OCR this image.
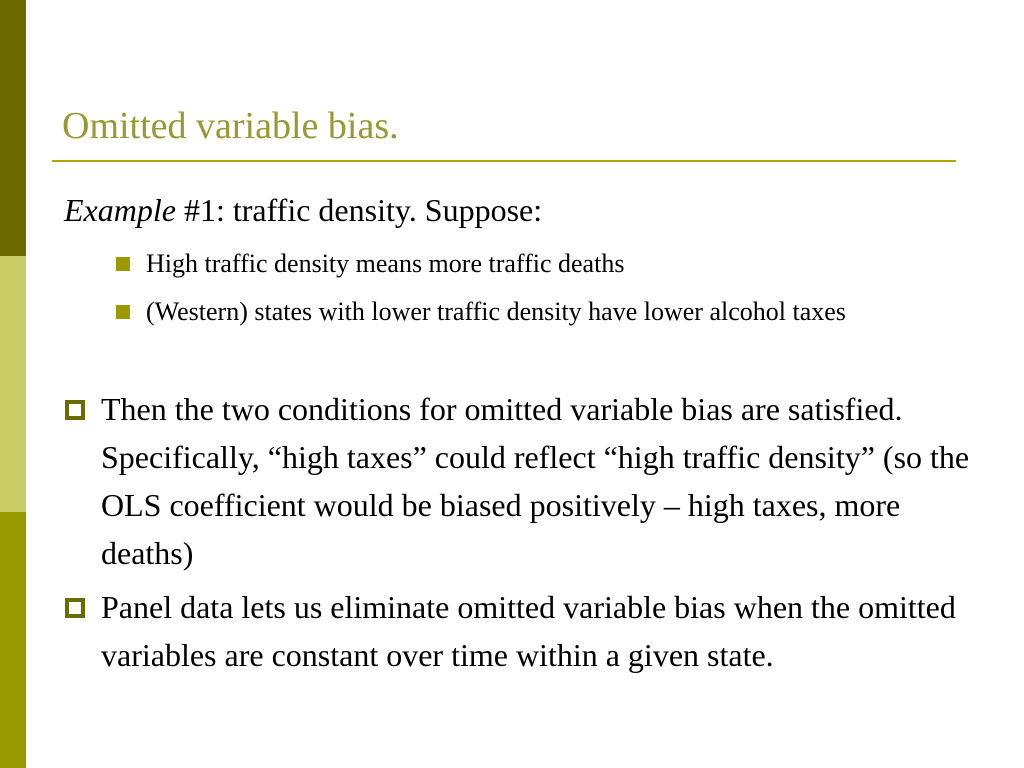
Omitted variable bias.
Example #1: traffic density. Suppose:
High traffic density means more traffic deaths
(Western) states with lower traffic density have lower alcohol taxes
Then the two conditions for omitted variable bias are satisfied. Specifically, “high taxes” could reflect “high traffic density” (so the OLS coefficient would be biased positively – high taxes, more deaths)
Panel data lets us eliminate omitted variable bias when the omitted variables are constant over time within a given state.
